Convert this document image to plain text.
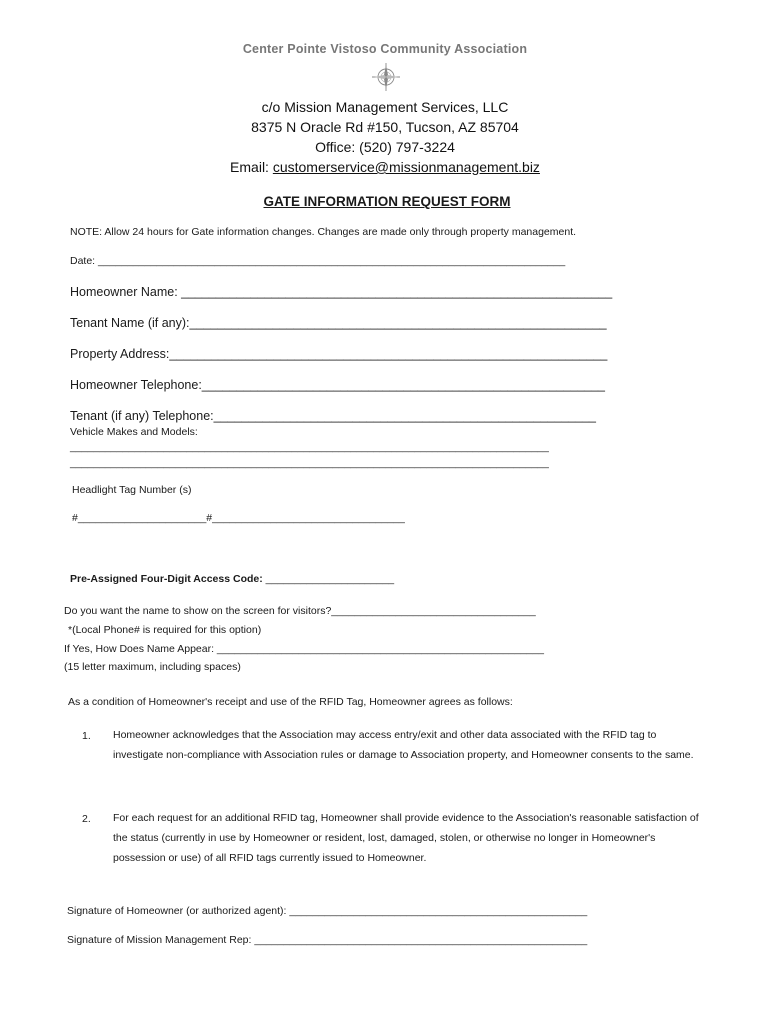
Center Pointe Vistoso Community Association
c/o Mission Management Services, LLC
8375 N Oracle Rd #150, Tucson, AZ 85704
Office: (520) 797-3224
Email: customerservice@missionmanagement.biz
GATE INFORMATION REQUEST FORM
NOTE: Allow 24 hours for Gate information changes. Changes are made only through property management.
Date: ________________________________________________________________________________
Homeowner Name: ______________________________________________________________
Tenant Name (if any):____________________________________________________________
Property Address:_______________________________________________________________
Homeowner Telephone:__________________________________________________________
Tenant (if any) Telephone:_______________________________________________________
Vehicle Makes and Models:
__________________________________________________________________________________
__________________________________________________________________________________
Headlight Tag Number (s)
#______________________#_________________________________
Pre-Assigned Four-Digit Access Code: ______________________
Do you want the name to show on the screen for visitors?___________________________________
*(Local Phone# is required for this option)
If Yes, How Does Name Appear: ________________________________________________________
(15 letter maximum, including spaces)
As a condition of Homeowner's receipt and use of the RFID Tag, Homeowner agrees as follows:
1. Homeowner acknowledges that the Association may access entry/exit and other data associated with the RFID tag to investigate non-compliance with Association rules or damage to Association property, and Homeowner consents to the same.
2. For each request for an additional RFID tag, Homeowner shall provide evidence to the Association's reasonable satisfaction of the status (currently in use by Homeowner or resident, lost, damaged, stolen, or otherwise no longer in Homeowner's possession or use) of all RFID tags currently issued to Homeowner.
Signature of Homeowner (or authorized agent): ___________________________________________________
Signature of Mission Management Rep: _________________________________________________________
